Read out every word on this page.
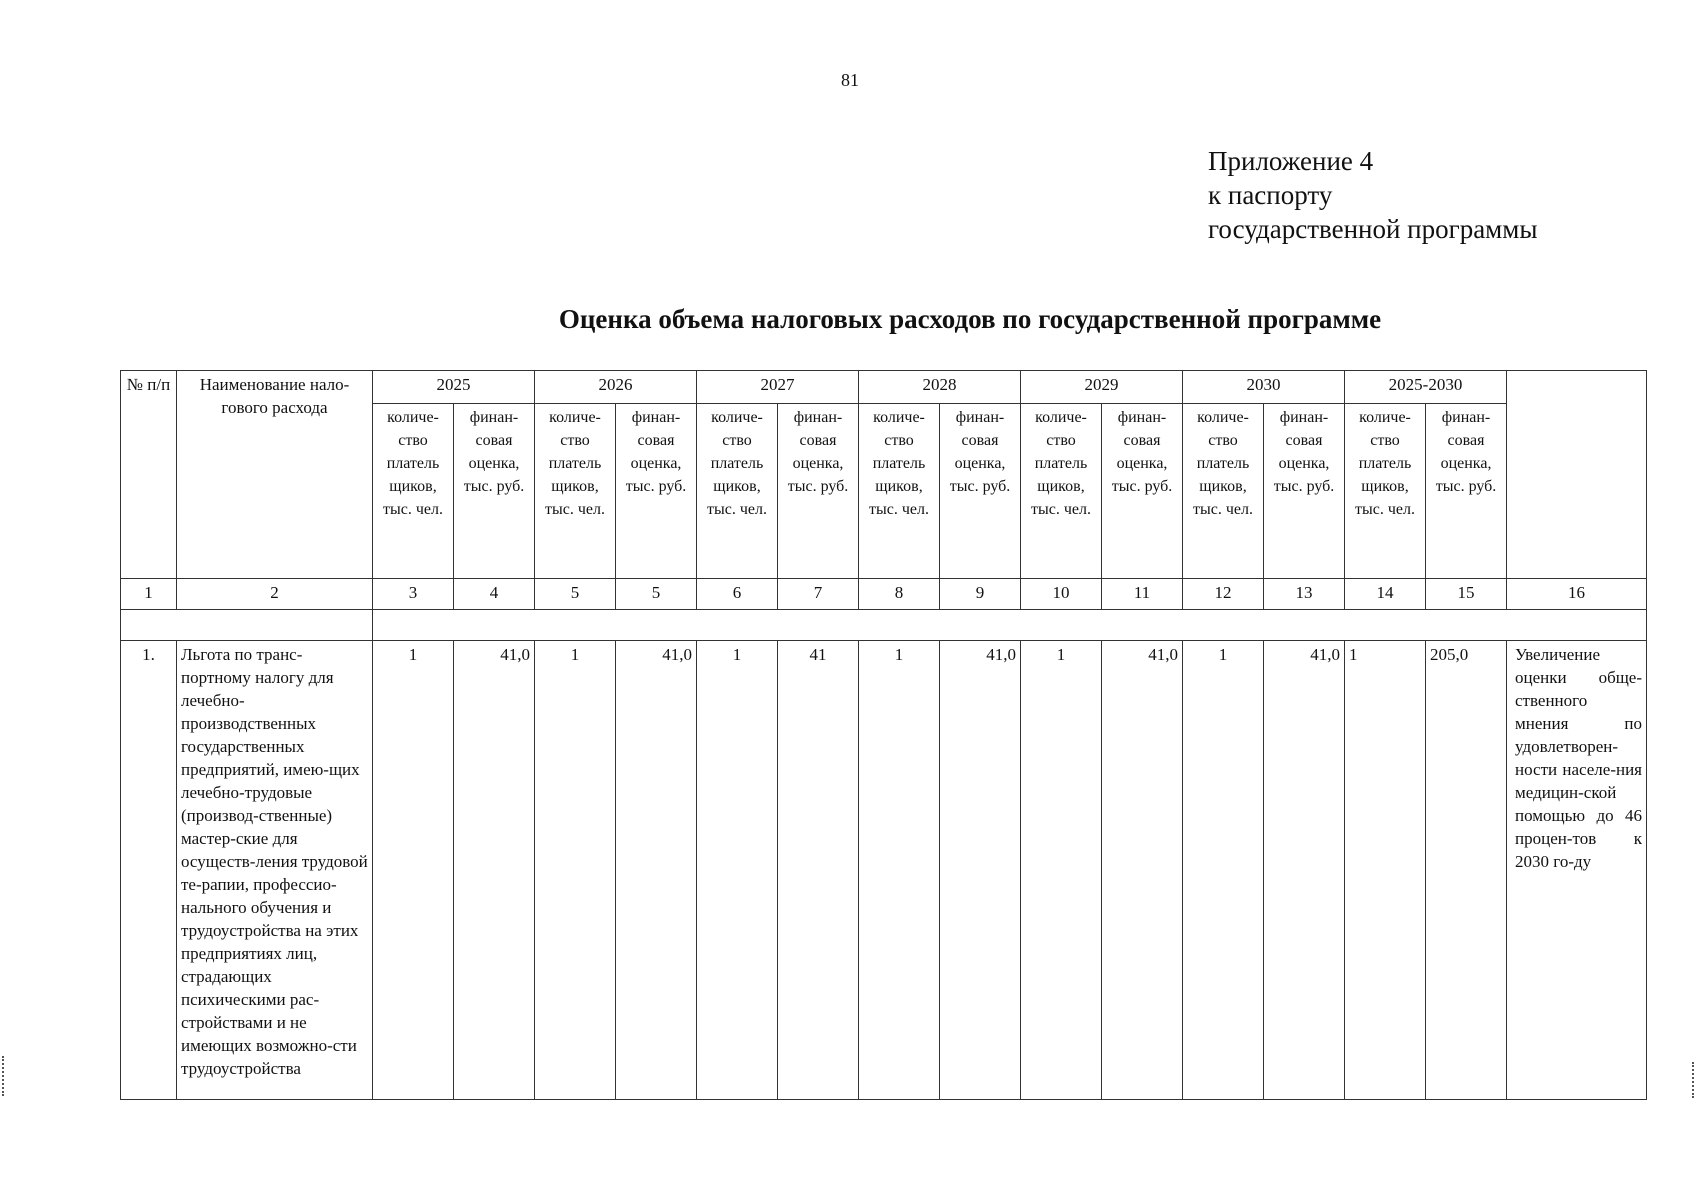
81
Приложение 4
к паспорту
государственной программы
Оценка объема налоговых расходов по государственной программе
№ п/п	Наименование нало-гового расхода	2025		2026		2027		2028		2029		2030		2025-2030		
		количе-ство платель щиков, тыс. чел.	финан-совая оценка, тыс. руб.	количе-ство платель щиков, тыс. чел.	финан-совая оценка, тыс. руб.	количе-ство платель щиков, тыс. чел.	финан-совая оценка, тыс. руб.	количе-ство платель щиков, тыс. чел.	финан-совая оценка, тыс. руб.	количе-ство платель щиков, тыс. чел.	финан-совая оценка, тыс. руб.	количе-ство платель щиков, тыс. чел.	финан-совая оценка, тыс. руб.	количе-ство платель щиков, тыс. чел.	финан-совая оценка, тыс. руб.	
1	2	3	4	5	5	6	7	8	9	10	11	12	13	14	15	16

1.	Льгота по транс-портному налогу для лечебно-производственных государственных предприятий, имею-щих лечебно-трудовые (производ-ственные) мастер-ские для осуществ-ления трудовой те-рапии, профессио-нального обучения и трудоустройства на этих предприятиях лиц, страдающих психическими рас-стройствами и не имеющих возможно-сти трудоустройства	1	41,0	1	41,0	1	41	1	41,0	1	41,0	1	41,0	1	205,0	Увеличение оценки обще-ственного мнения по удовлетворен-ности населе-ния медицин-ской помощью до 46 процен-тов к 2030 го-ду
